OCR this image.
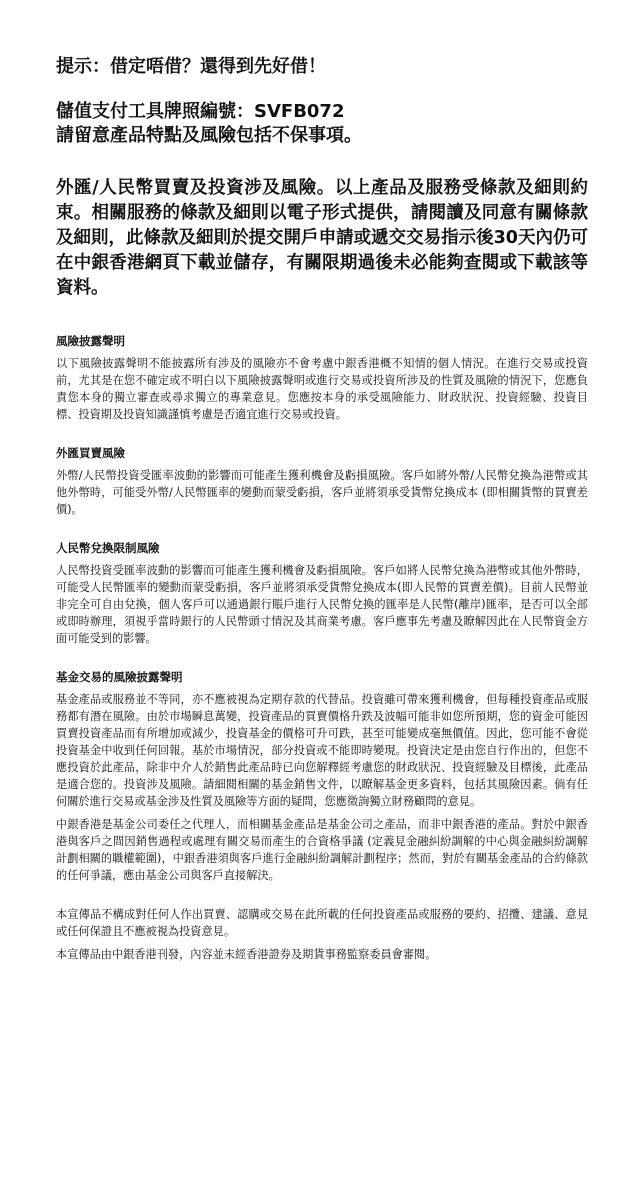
提示：借定唔借？還得到先好借！
儲值支付工具牌照編號：SVFB072
請留意產品特點及風險包括不保事項。
外匯/人民幣買賣及投資涉及風險。以上產品及服務受條款及細則約束。相關服務的條款及細則以電子形式提供，請閱讀及同意有關條款及細則，此條款及細則於提交開戶申請或遞交交易指示後30天內仍可在中銀香港網頁下載並儲存，有關限期過後未必能夠查閱或下載該等資料。
風險披露聲明
以下風險披露聲明不能披露所有涉及的風險亦不會考慮中銀香港概不知情的個人情況。在進行交易或投資前，尤其是在您不確定或不明白以下風險披露聲明或進行交易或投資所涉及的性質及風險的情況下，您應負責您本身的獨立審查或尋求獨立的專業意見。您應按本身的承受風險能力、財政狀況、投資經驗、投資目標、投資期及投資知識謹慎考慮是否適宜進行交易或投資。
外匯買賣風險
外幣/人民幣投資受匯率波動的影響而可能產生獲利機會及虧損風險。客戶如將外幣/人民幣兌換為港幣或其他外幣時，可能受外幣/人民幣匯率的變動而蒙受虧損，客戶並將須承受貨幣兌換成本 (即相關貨幣的買賣差價)。
人民幣兌換限制風險
人民幣投資受匯率波動的影響而可能產生獲利機會及虧損風險。客戶如將人民幣兌換為港幣或其他外幣時，可能受人民幣匯率的變動而蒙受虧損，客戶並將須承受貨幣兌換成本(即人民幣的買賣差價)。目前人民幣並非完全可自由兌換，個人客戶可以通過銀行賬戶進行人民幣兌換的匯率是人民幣(離岸)匯率，是否可以全部或即時辦理，須視乎當時銀行的人民幣頭寸情況及其商業考慮。客戶應事先考慮及瞭解因此在人民幣資金方面可能受到的影響。
基金交易的風險披露聲明
基金產品或服務並不等同，亦不應被視為定期存款的代替品。投資雖可帶來獲利機會，但每種投資產品或服務都有潛在風險。由於市場瞬息萬變，投資產品的買賣價格升跌及波幅可能非如您所預期，您的資金可能因買賣投資產品而有所增加或減少，投資基金的價格可升可跌，甚至可能變成毫無價值。因此，您可能不會從投資基金中收到任何回報。基於市場情況，部分投資或不能即時變現。投資決定是由您自行作出的，但您不應投資於此產品，除非中介人於銷售此產品時已向您解釋經考慮您的財政狀況、投資經驗及目標後，此產品是適合您的。投資涉及風險。請細閱相關的基金銷售文件，以瞭解基金更多資料，包括其風險因素。倘有任何關於進行交易或基金涉及性質及風險等方面的疑問，您應徵詢獨立財務顧問的意見。
中銀香港是基金公司委任之代理人，而相關基金產品是基金公司之產品，而非中銀香港的產品。對於中銀香港與客戶之間因銷售過程或處理有關交易而產生的合資格爭議 (定義見金融糾紛調解的中心與金融糾紛調解計劃相關的職權範圍)，中銀香港須與客戶進行金融糾紛調解計劃程序；然而，對於有關基金產品的合約條款的任何爭議，應由基金公司與客戶直接解決。
本宣傳品不構成對任何人作出買賣、認購或交易在此所載的任何投資產品或服務的要約、招攬、建議、意見或任何保證且不應被視為投資意見。
本宣傳品由中銀香港刊發，內容並未經香港證券及期貨事務監察委員會審閱。
